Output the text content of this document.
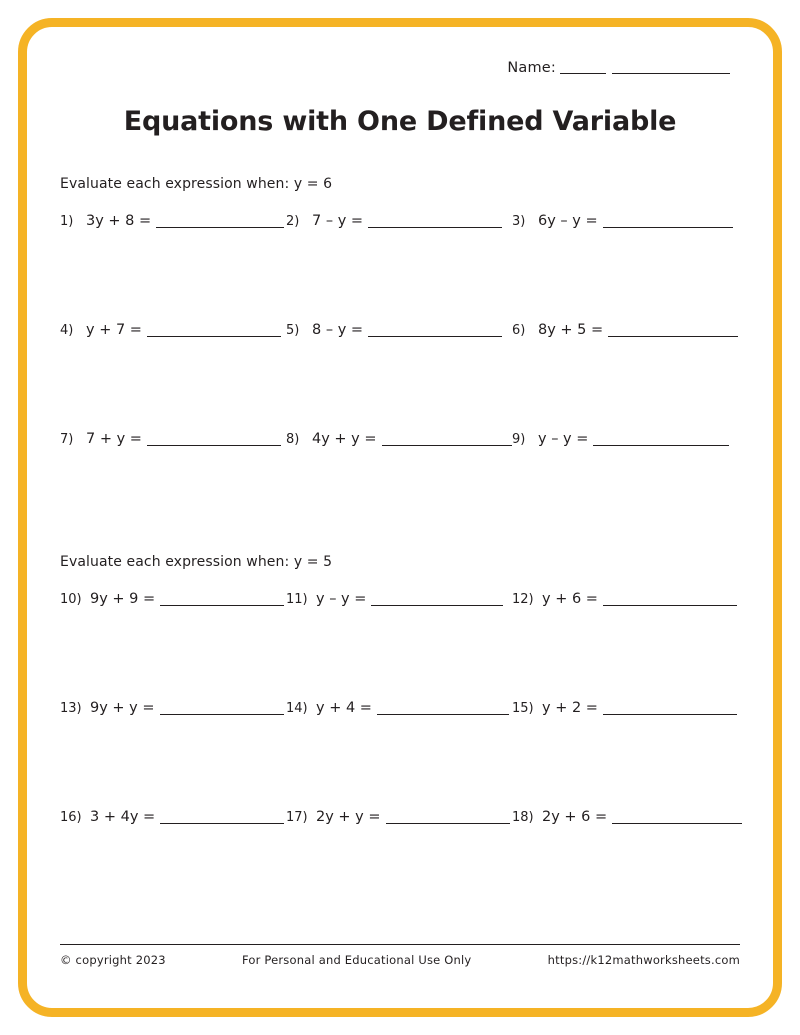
Name:
Equations with One Defined Variable
Evaluate each expression when: y = 6
1) 3y + 8 =	2) 7 – y =	3) 6y – y =
4) y + 7 =	5) 8 – y =	6) 8y + 5 =
7) 7 + y =	8) 4y + y =	9) y – y =
Evaluate each expression when: y = 5
10) 9y + 9 =	11) y – y =	12) y + 6 =
13) 9y + y =	14) y + 4 =	15) y + 2 =
16) 3 + 4y =	17) 2y + y =	18) 2y + 6 =
© copyright 2023	For Personal and Educational Use Only	https://k12mathworksheets.com
